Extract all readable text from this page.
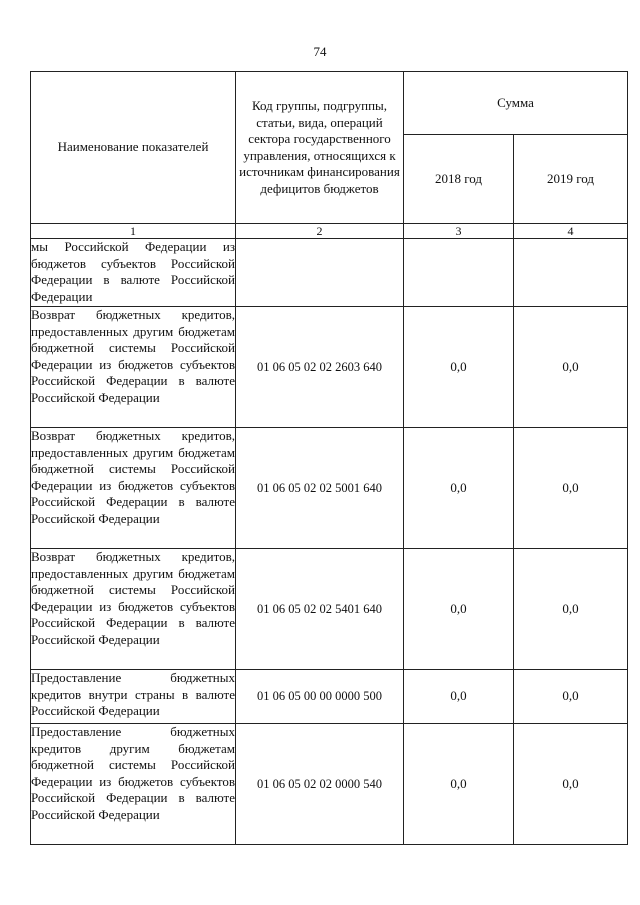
74
Наименование показателей	Код группы, подгруппы, статьи, вида, операций сектора государственного управления, относящихся к источникам финансирования дефицитов бюджетов	Сумма	
		2018 год	2019 год
1	2	3	4
мы Российской Федерации из бюджетов субъектов Российской Федерации в валюте Российской Федерации			
Возврат бюджетных кредитов, предоставленных другим бюджетам бюджетной системы Российской Федерации из бюджетов субъектов Российской Федерации в валюте Российской Федерации	01 06 05 02 02 2603 640	0,0	0,0
Возврат бюджетных кредитов, предоставленных другим бюджетам бюджетной системы Российской Федерации из бюджетов субъектов Российской Федерации в валюте Российской Федерации	01 06 05 02 02 5001 640	0,0	0,0
Возврат бюджетных кредитов, предоставленных другим бюджетам бюджетной системы Российской Федерации из бюджетов субъектов Российской Федерации в валюте Российской Федерации	01 06 05 02 02 5401 640	0,0	0,0
Предоставление бюджетных кредитов внутри страны в валюте Российской Федерации	01 06 05 00 00 0000 500	0,0	0,0
Предоставление бюджетных кредитов другим бюджетам бюджетной системы Российской Федерации из бюджетов субъектов Российской Федерации в валюте Российской Федерации	01 06 05 02 02 0000 540	0,0	0,0
